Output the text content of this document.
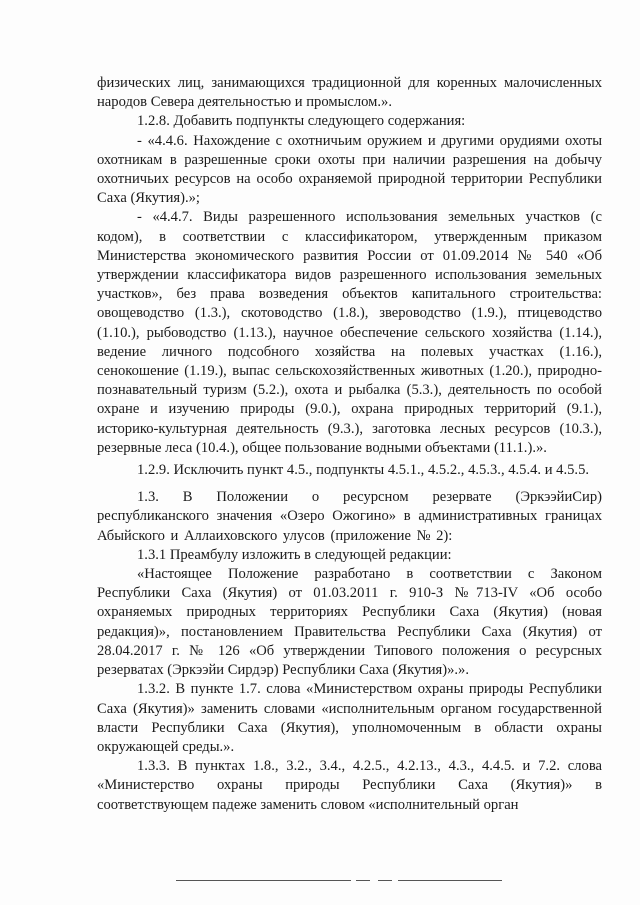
физических лиц, занимающихся традиционной для коренных малочисленных народов Севера деятельностью и промыслом.».

1.2.8. Добавить подпункты следующего содержания:

- «4.4.6. Нахождение с охотничьим оружием и другими орудиями охоты охотникам в разрешенные сроки охоты при наличии разрешения на добычу охотничьих ресурсов на особо охраняемой природной территории Республики Саха (Якутия).»;

- «4.4.7. Виды разрешенного использования земельных участков (с кодом), в соответствии с классификатором, утвержденным приказом Министерства экономического развития России от 01.09.2014 № 540 «Об утверждении классификатора видов разрешенного использования земельных участков», без права возведения объектов капитального строительства: овощеводство (1.3.), скотоводство (1.8.), звероводство (1.9.), птицеводство (1.10.), рыбоводство (1.13.), научное обеспечение сельского хозяйства (1.14.), ведение личного подсобного хозяйства на полевых участках (1.16.), сенокошение (1.19.), выпас сельскохозяйственных животных (1.20.), природно-познавательный туризм (5.2.), охота и рыбалка (5.3.), деятельность по особой охране и изучению природы (9.0.), охрана природных территорий (9.1.), историко-культурная деятельность (9.3.), заготовка лесных ресурсов (10.3.), резервные леса (10.4.), общее пользование водными объектами (11.1.).».

1.2.9. Исключить пункт 4.5., подпункты 4.5.1., 4.5.2., 4.5.3., 4.5.4. и 4.5.5.

1.3. В Положении о ресурсном резервате (ЭркээйиСир) республиканского значения «Озеро Ожогино» в административных границах Абыйского и Аллаиховского улусов (приложение № 2):

1.3.1 Преамбулу изложить в следующей редакции:

«Настоящее Положение разработано в соответствии с Законом Республики Саха (Якутия) от 01.03.2011 г. 910-З №713-IV «Об особо охраняемых природных территориях Республики Саха (Якутия) (новая редакция)», постановлением Правительства Республики Саха (Якутия) от 28.04.2017 г. № 126 «Об утверждении Типового положения о ресурсных резерватах (Эркээйи Сирдэр) Республики Саха (Якутия)».».

1.3.2. В пункте 1.7. слова «Министерством охраны природы Республики Саха (Якутия)» заменить словами «исполнительным органом государственной власти Республики Саха (Якутия), уполномоченным в области охраны окружающей среды.».

1.3.3. В пунктах 1.8., 3.2., 3.4., 4.2.5., 4.2.13., 4.3., 4.4.5. и 7.2. слова «Министерство охраны природы Республики Саха (Якутия)» в соответствующем падеже заменить словом «исполнительный орган
